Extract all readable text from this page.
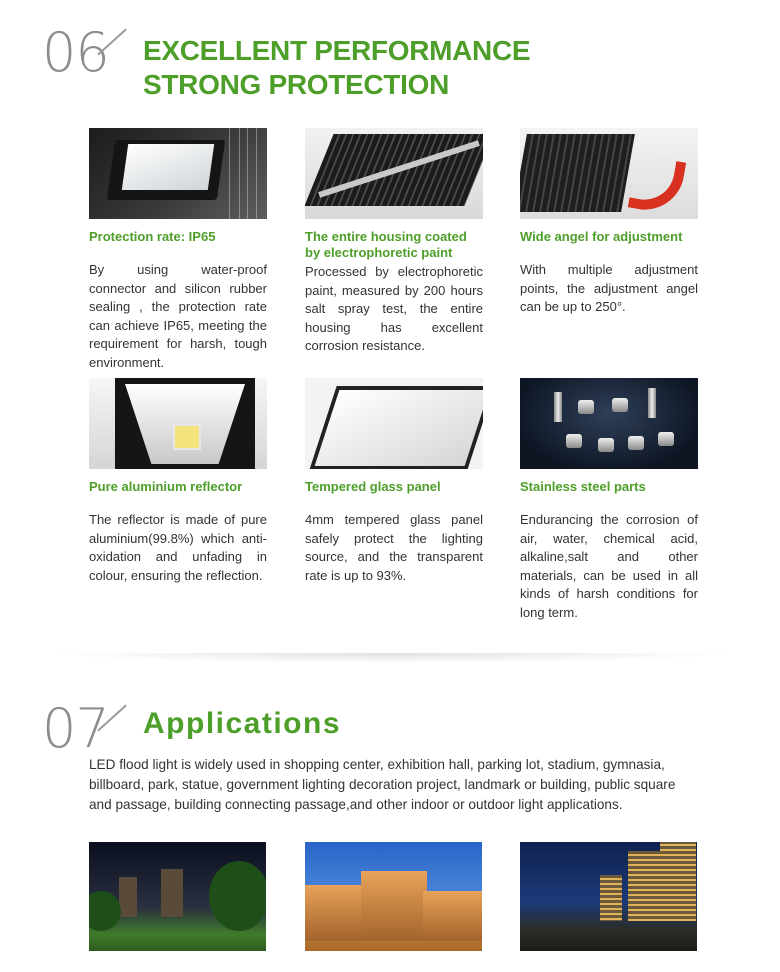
06 EXCELLENT PERFORMANCE
STRONG PROTECTION
Protection rate: IP65

By using water-proof connector and silicon rubber sealing , the protection rate can achieve IP65, meeting the requirement for harsh, tough environment.

The entire housing coated by electrophoretic paint

Processed by electrophoretic paint, measured by 200 hours salt spray test, the entire housing has excellent corrosion resistance.

Wide angel for adjustment

With multiple adjustment points, the adjustment angel can be up to 250°.

Pure aluminium reflector

The reflector is made of pure aluminium(99.8%) which anti-oxidation and unfading in colour, ensuring the reflection.

Tempered glass panel

4mm tempered glass panel safely protect the lighting source, and the transparent rate is up to 93%.

Stainless steel parts

Endurancing the corrosion of air, water, chemical acid, alkaline,salt and other materials, can be used in all kinds of harsh conditions for long term.

07 Applications

LED flood light is widely used in shopping center, exhibition hall, parking lot, stadium, gymnasia, billboard, park, statue, government lighting decoration project, landmark or building, public square and passage, building connecting passage,and other indoor or outdoor light applications.
